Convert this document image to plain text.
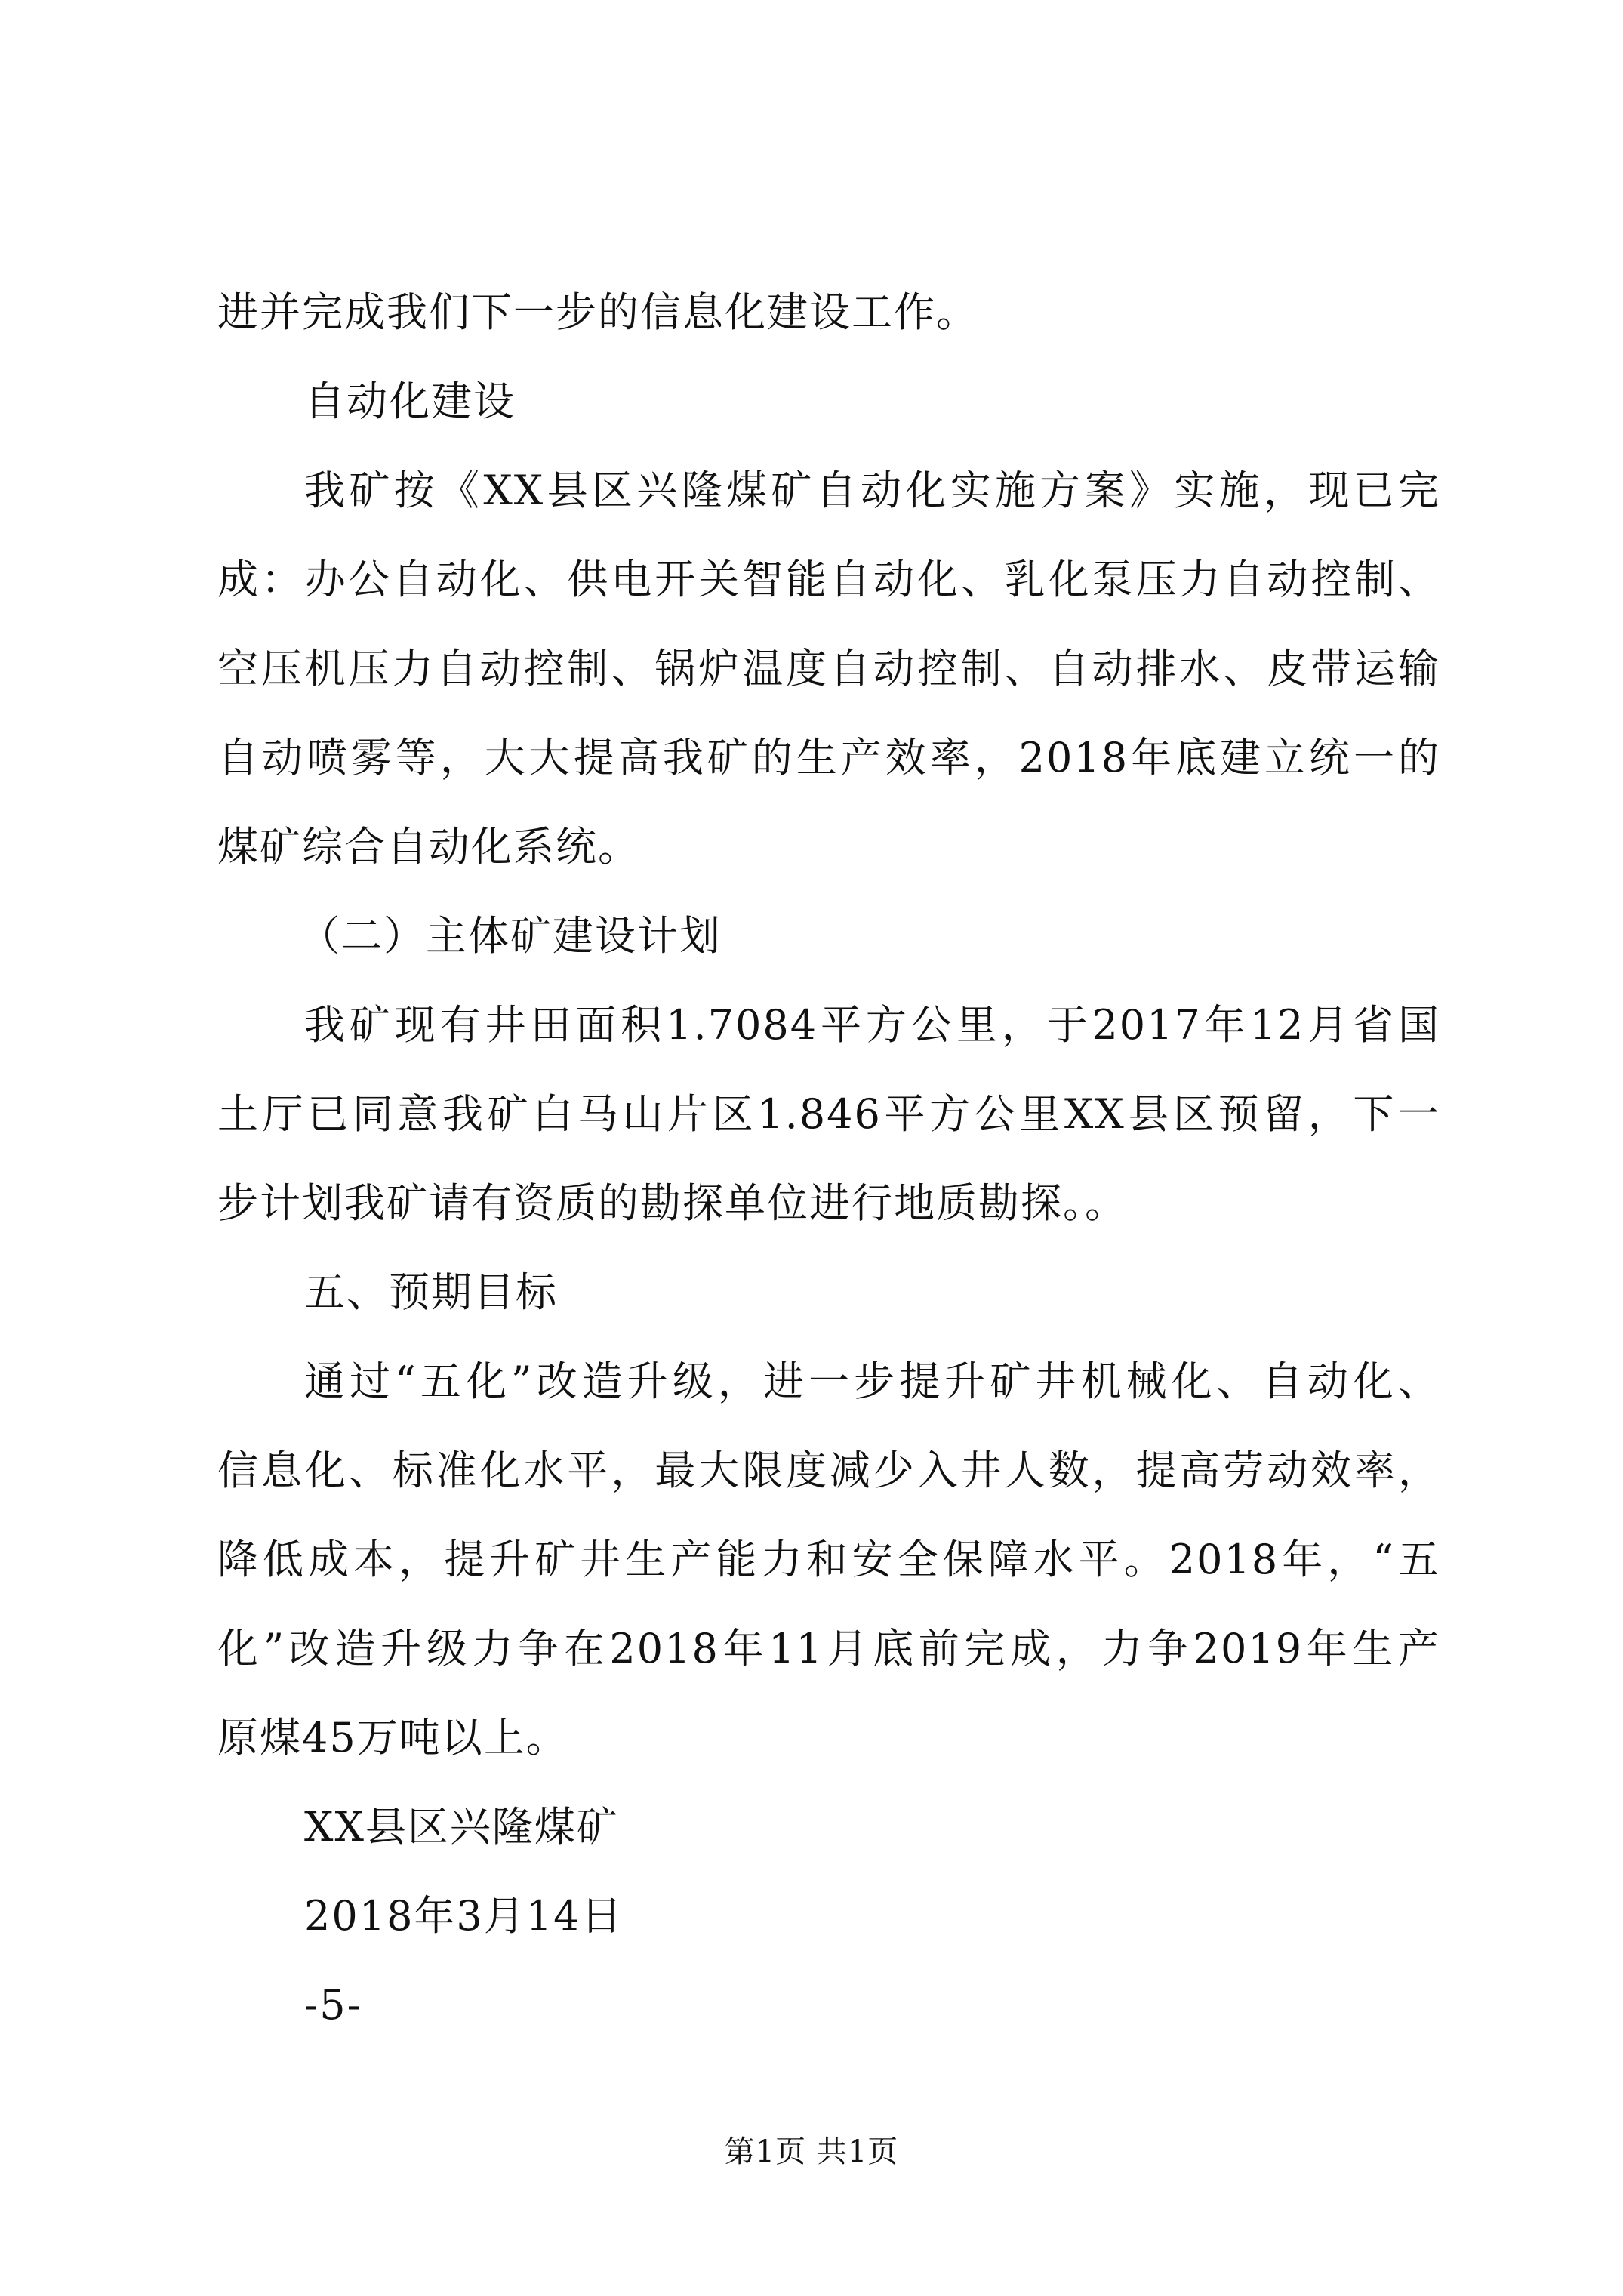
进并完成我们下一步的信息化建设工作。
自动化建设
我矿按《XX县区兴隆煤矿自动化实施方案》实施，现已完
成：办公自动化、供电开关智能自动化、乳化泵压力自动控制、
空压机压力自动控制、锅炉温度自动控制、自动排水、皮带运输
自动喷雾等，大大提高我矿的生产效率，2018年底建立统一的
煤矿综合自动化系统。
（二）主体矿建设计划
我矿现有井田面积1.7084平方公里，于2017年12月省国
土厅已同意我矿白马山片区1.846平方公里XX县区预留，下一
步计划我矿请有资质的勘探单位进行地质勘探。。
五、预期目标
通过“五化”改造升级，进一步提升矿井机械化、自动化、
信息化、标准化水平，最大限度减少入井人数，提高劳动效率，
降低成本，提升矿井生产能力和安全保障水平。2018年，“五
化”改造升级力争在2018年11月底前完成，力争2019年生产
原煤45万吨以上。
XX县区兴隆煤矿
2018年3月14日
-5-
第1页 共1页
